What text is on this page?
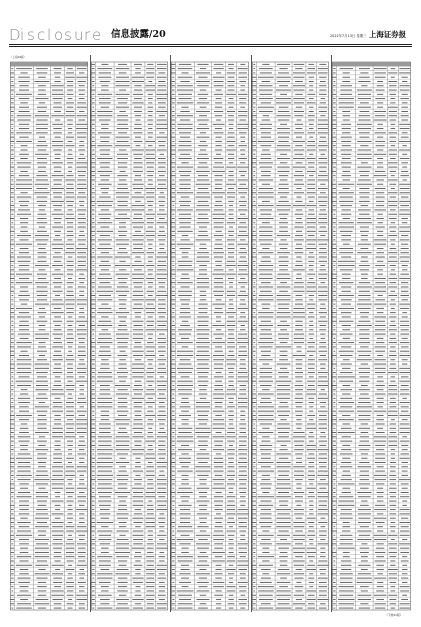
D i s c l o s u r e 信息披露/20	2022年7月13日 星期三 上海证券报
（上接19版）
（下转21版）
